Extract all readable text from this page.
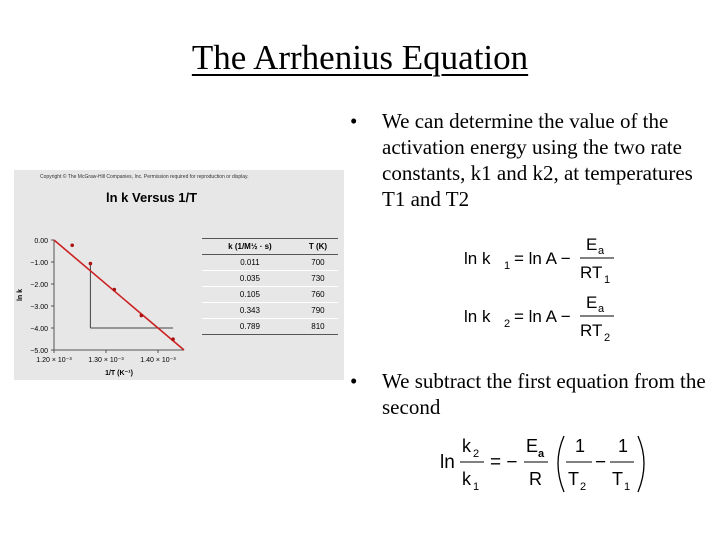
The Arrhenius Equation
• We can determine the value of the activation energy using the two rate constants, k1 and k2, at temperatures T1 and T2
• We subtract the first equation from the second
ln k 1 = ln A −
E a
RT 1
ln k 2 = ln A −
E a
RT 2
ln
k 2
k 1
= −
E a
R
1
T 2
−
1
T 1
Copyright © The McGraw-Hill Companies, Inc. Permission required for reproduction or display.
ln k Versus 1/T
0.00
−1.00
−2.00
−3.00
−4.00
−5.00
1.20 × 10⁻³ 1.30 × 10⁻³ 1.40 × 10⁻³
1/T (K⁻¹)
ln k
k (1/M½ · s)	T (K)
0.011	700
0.035	730
0.105	760
0.343	790
0.789	810
